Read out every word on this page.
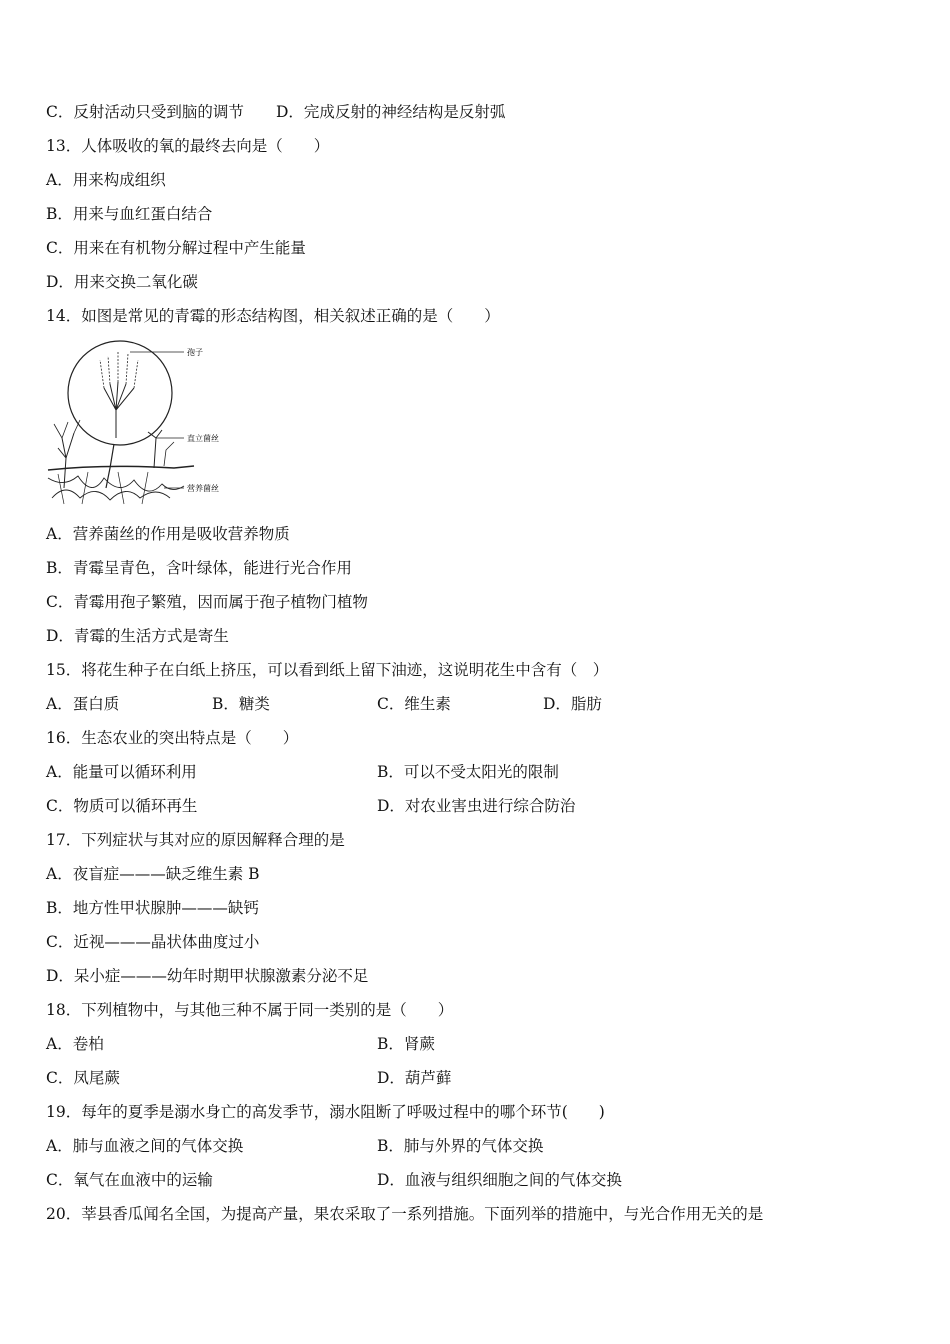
C．反射活动只受到脑的调节 D．完成反射的神经结构是反射弧
13．人体吸收的氧的最终去向是（　　）
A．用来构成组织
B．用来与血红蛋白结合
C．用来在有机物分解过程中产生能量
D．用来交换二氧化碳
14．如图是常见的青霉的形态结构图，相关叙述正确的是（　　）
孢子
直立菌丝
营养菌丝
A．营养菌丝的作用是吸收营养物质
B．青霉呈青色，含叶绿体，能进行光合作用
C．青霉用孢子繁殖，因而属于孢子植物门植物
D．青霉的生活方式是寄生
15．将花生种子在白纸上挤压，可以看到纸上留下油迹，这说明花生中含有（　）
A．蛋白质	B．糖类	C．维生素	D．脂肪
16．生态农业的突出特点是（　　）
A．能量可以循环利用	B．可以不受太阳光的限制
C．物质可以循环再生	D．对农业害虫进行综合防治
17．下列症状与其对应的原因解释合理的是
A．夜盲症———缺乏维生素 B
B．地方性甲状腺肿———缺钙
C．近视———晶状体曲度过小
D．呆小症———幼年时期甲状腺激素分泌不足
18．下列植物中，与其他三种不属于同一类别的是（　　）
A．卷柏	B．肾蕨
C．凤尾蕨	D．葫芦藓
19．每年的夏季是溺水身亡的高发季节，溺水阻断了呼吸过程中的哪个环节(　　)
A．肺与血液之间的气体交换	B．肺与外界的气体交换
C．氧气在血液中的运输	D．血液与组织细胞之间的气体交换
20．莘县香瓜闻名全国，为提高产量，果农采取了一系列措施。下面列举的措施中，与光合作用无关的是
